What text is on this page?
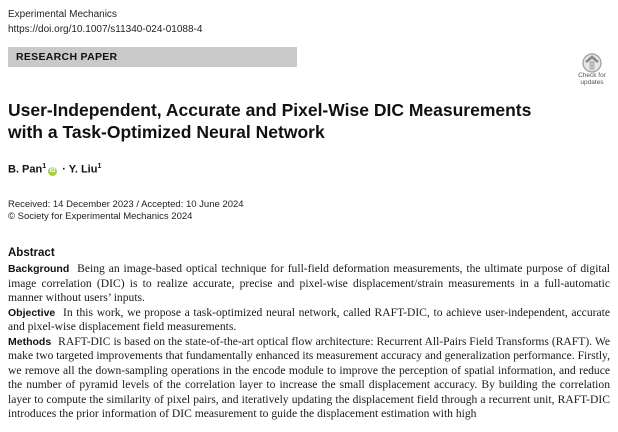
Experimental Mechanics
https://doi.org/10.1007/s11340-024-01088-4
RESEARCH PAPER
Check for
updates
User-Independent, Accurate and Pixel-Wise DIC Measurements with a Task-Optimized Neural Network
B. Pan$^1$iD · Y. Liu$^1$
Received: 14 December 2023 / Accepted: 10 June 2024
© Society for Experimental Mechanics 2024
Abstract

Background Being an image-based optical technique for full-field deformation measurements, the ultimate purpose of digital image correlation (DIC) is to realize accurate, precise and pixel-wise displacement/strain measurements in a full-automatic manner without users’ inputs.

Objective In this work, we propose a task-optimized neural network, called RAFT-DIC, to achieve user-independent, accurate and pixel-wise displacement field measurements.

Methods RAFT-DIC is based on the state-of-the-art optical flow architecture: Recurrent All-Pairs Field Transforms (RAFT). We make two targeted improvements that fundamentally enhanced its measurement accuracy and generalization performance. Firstly, we remove all the down-sampling operations in the encode module to improve the perception of spatial information, and reduce the number of pyramid levels of the correlation layer to increase the small displacement accuracy. By building the correlation layer to compute the similarity of pixel pairs, and iteratively updating the displacement field through a recurrent unit, RAFT-DIC introduces the prior information of DIC measurement to guide the displacement estimation with high
